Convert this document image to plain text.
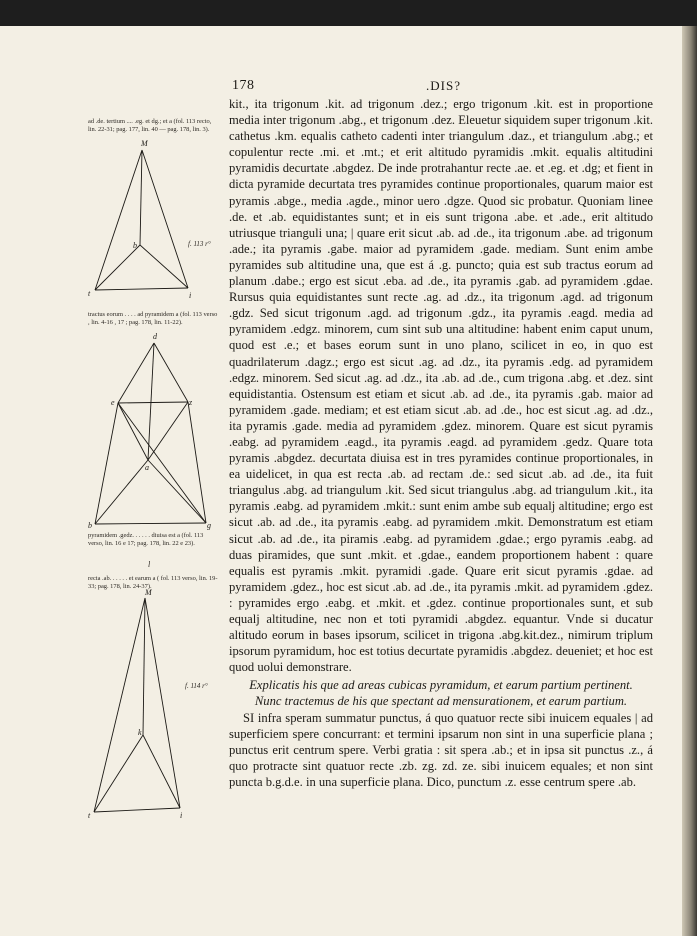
178	.DIS?
ad .de. tertium .... .eg. et dg.; et a (fol. 113 recto, lin. 22-31; pag. 177, lin. 40 — pag. 178, lin. 3).
tractus eorum . . . . ad pyramidem a (fol. 113 verso , lin. 4-16 , 17 ; pag. 178, lin. 11-22).
pyramidem .gedz. . . . . . diuisa est a (fol. 113 verso, lin. 16 e 17; pag. 178, lin. 22 e 23).
recta .ab. . . . . . et earum a ( fol. 113 verso, lin. 19-33; pag. 178, lin. 24-37).
M
b
t	i
f. 113 r°
d
e	z
a
b	g
l
M
k
t	i
f. 114 r°

kit., ita trigonum .kit. ad trigonum .dez.; ergo trigonum .kit. est in proportione media inter trigonum .abg., et trigonum .dez. Eleuetur siquidem super trigonum .kit. cathetus .km. equalis catheto cadenti inter triangulum .daz., et triangulum .abg.; et copulentur recte .mi. et .mt.; et erit altitudo pyramidis .mkit. equalis altitudini pyramidis decurtate .abgdez. De inde protrahantur recte .ae. et .eg. et .dg; et fient in dicta pyramide decurtata tres pyramides continue proportionales, quarum maior est pyramis .abge., media .agde., minor uero .dgze. Quod sic probatur. Quoniam linee .de. et .ab. equidistantes sunt; et in eis sunt trigona .abe. et .ade., erit altitudo utriusque trianguli una; | quare erit sicut .ab. ad .de., ita trigonum .abe. ad trigonum .ade.; ita pyramis .gabe. maior ad pyramidem .gade. mediam. Sunt enim ambe pyramides sub altitudine una, que est á .g. puncto; quia est sub tractus eorum ad planum .dabe.; ergo est sicut .eba. ad .de., ita pyramis .gab. ad pyramidem .gdae. Rursus quia equidistantes sunt recte .ag. ad .dz., ita trigonum .agd. ad trigonum .gdz. Sed sicut trigonum .agd. ad trigonum .gdz., ita pyramis .eagd. media ad pyramidem .edgz. minorem, cum sint sub una altitudine: habent enim caput unum, quod est .e.; et bases eorum sunt in uno plano, scilicet in eo, in quo est quadrilaterum .dagz.; ergo est sicut .ag. ad .dz., ita pyramis .edg. ad pyramidem .edgz. minorem. Sed sicut .ag. ad .dz., ita .ab. ad .de., cum trigona .abg. et .dez. sint equidistantia. Ostensum est etiam et sicut .ab. ad .de., ita pyramis .gab. maior ad pyramidem .gade. mediam; et est etiam sicut .ab. ad .de., hoc est sicut .ag. ad .dz., ita pyramis .gade. media ad pyramidem .gdez. minorem. Quare est sicut pyramis .eabg. ad pyramidem .eagd., ita pyramis .eagd. ad pyramidem .gedz. Quare tota pyramis .abgdez. decurtata diuisa est in tres pyramides continue proportionales, in ea uidelicet, in qua est recta .ab. ad rectam .de.: sed sicut .ab. ad .de., ita fuit triangulus .abg. ad triangulum .kit. Sed sicut triangulus .abg. ad triangulum .kit., ita pyramis .eabg. ad pyramidem .mkit.: sunt enim ambe sub equalj altitudine; ergo est sicut .ab. ad .de., ita pyramis .eabg. ad pyramidem .mkit. Demonstratum est etiam sicut .ab. ad .de., ita piramis .eabg. ad pyramidem .gdae.; ergo pyramis .eabg. ad duas piramides, que sunt .mkit. et .gdae., eandem proportionem habent : quare equalis est pyramis .mkit. pyramidi .gade. Quare erit sicut pyramis .gdae. ad pyramidem .gdez., hoc est sicut .ab. ad .de., ita pyramis .mkit. ad pyramidem .gdez. : pyramides ergo .eabg. et .mkit. et .gdez. continue proportionales sunt, et sub equalj altitudine, nec non et toti pyramidi .abgdez. equantur. Vnde si ducatur altitudo eorum in bases ipsorum, scilicet in trigona .abg.kit.dez., nimirum triplum ipsorum pyramidum, hoc est totius decurtate pyramidis .abgdez. deueniet; et hoc est quod uolui demonstrare.

Explicatis his que ad areas cubicas pyramidum, et earum partium pertinent.

Nunc tractemus de his que spectant ad mensurationem, et earum partium.

SI infra speram summatur punctus, á quo quatuor recte sibi inuicem equales | ad superficiem spere concurrant: et termini ipsarum non sint in una superficie plana ; punctus erit centrum spere. Verbi gratia : sit spera .ab.; et in ipsa sit punctus .z., á quo protracte sint quatuor recte .zb. zg. zd. ze. sibi inuicem equales; et non sint puncta b.g.d.e. in una superficie plana. Dico, punctum .z. esse centrum spere .ab.
